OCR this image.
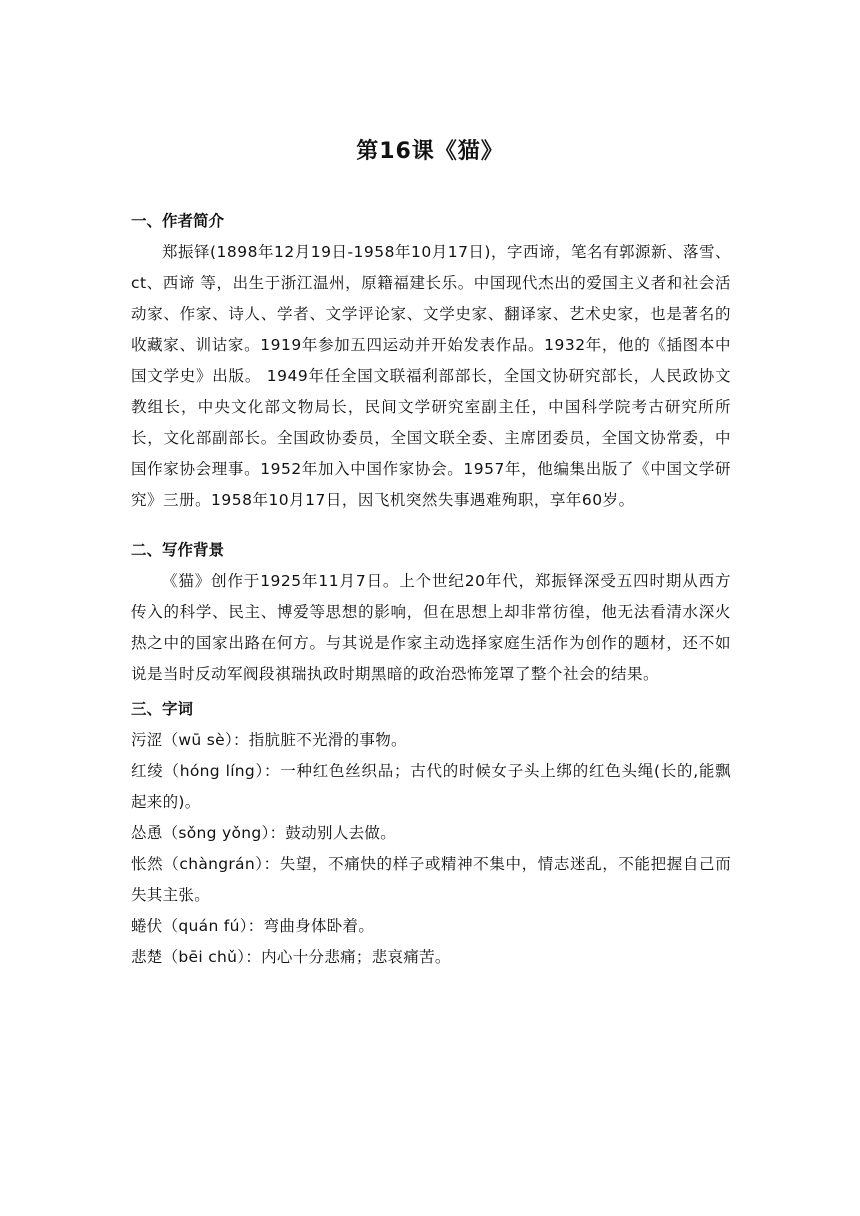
第16课《猫》

一、作者简介

郑振铎(1898年12月19日-1958年10月17日)，字西谛，笔名有郭源新、落雪、ct、西谛 等，出生于浙江温州，原籍福建长乐。中国现代杰出的爱国主义者和社会活动家、作家、诗人、学者、文学评论家、文学史家、翻译家、艺术史家，也是著名的收藏家、训诂家。1919年参加五四运动并开始发表作品。1932年，他的《插图本中国文学史》出版。 1949年任全国文联福利部部长，全国文协研究部长，人民政协文教组长，中央文化部文物局长，民间文学研究室副主任，中国科学院考古研究所所长，文化部副部长。全国政协委员，全国文联全委、主席团委员，全国文协常委，中国作家协会理事。1952年加入中国作家协会。1957年，他编集出版了《中国文学研究》三册。1958年10月17日，因飞机突然失事遇难殉职，享年60岁。

二、写作背景

《猫》创作于1925年11月7日。上个世纪20年代，郑振铎深受五四时期从西方传入的科学、民主、博爱等思想的影响，但在思想上却非常彷徨，他无法看清水深火热之中的国家出路在何方。与其说是作家主动选择家庭生活作为创作的题材，还不如说是当时反动军阀段祺瑞执政时期黑暗的政治恐怖笼罩了整个社会的结果。

三、字词

污涩（wū sè）：指肮脏不光滑的事物。
红绫（hóng líng）：一种红色丝织品；古代的时候女子头上绑的红色头绳(长的,能飘起来的)。
怂恿（sǒng yǒng）：鼓动别人去做。
怅然（chàngrán）：失望，不痛快的样子或精神不集中，情志迷乱，不能把握自己而失其主张。
蜷伏（quán fú）：弯曲身体卧着。
悲楚（bēi chǔ）：内心十分悲痛；悲哀痛苦。
